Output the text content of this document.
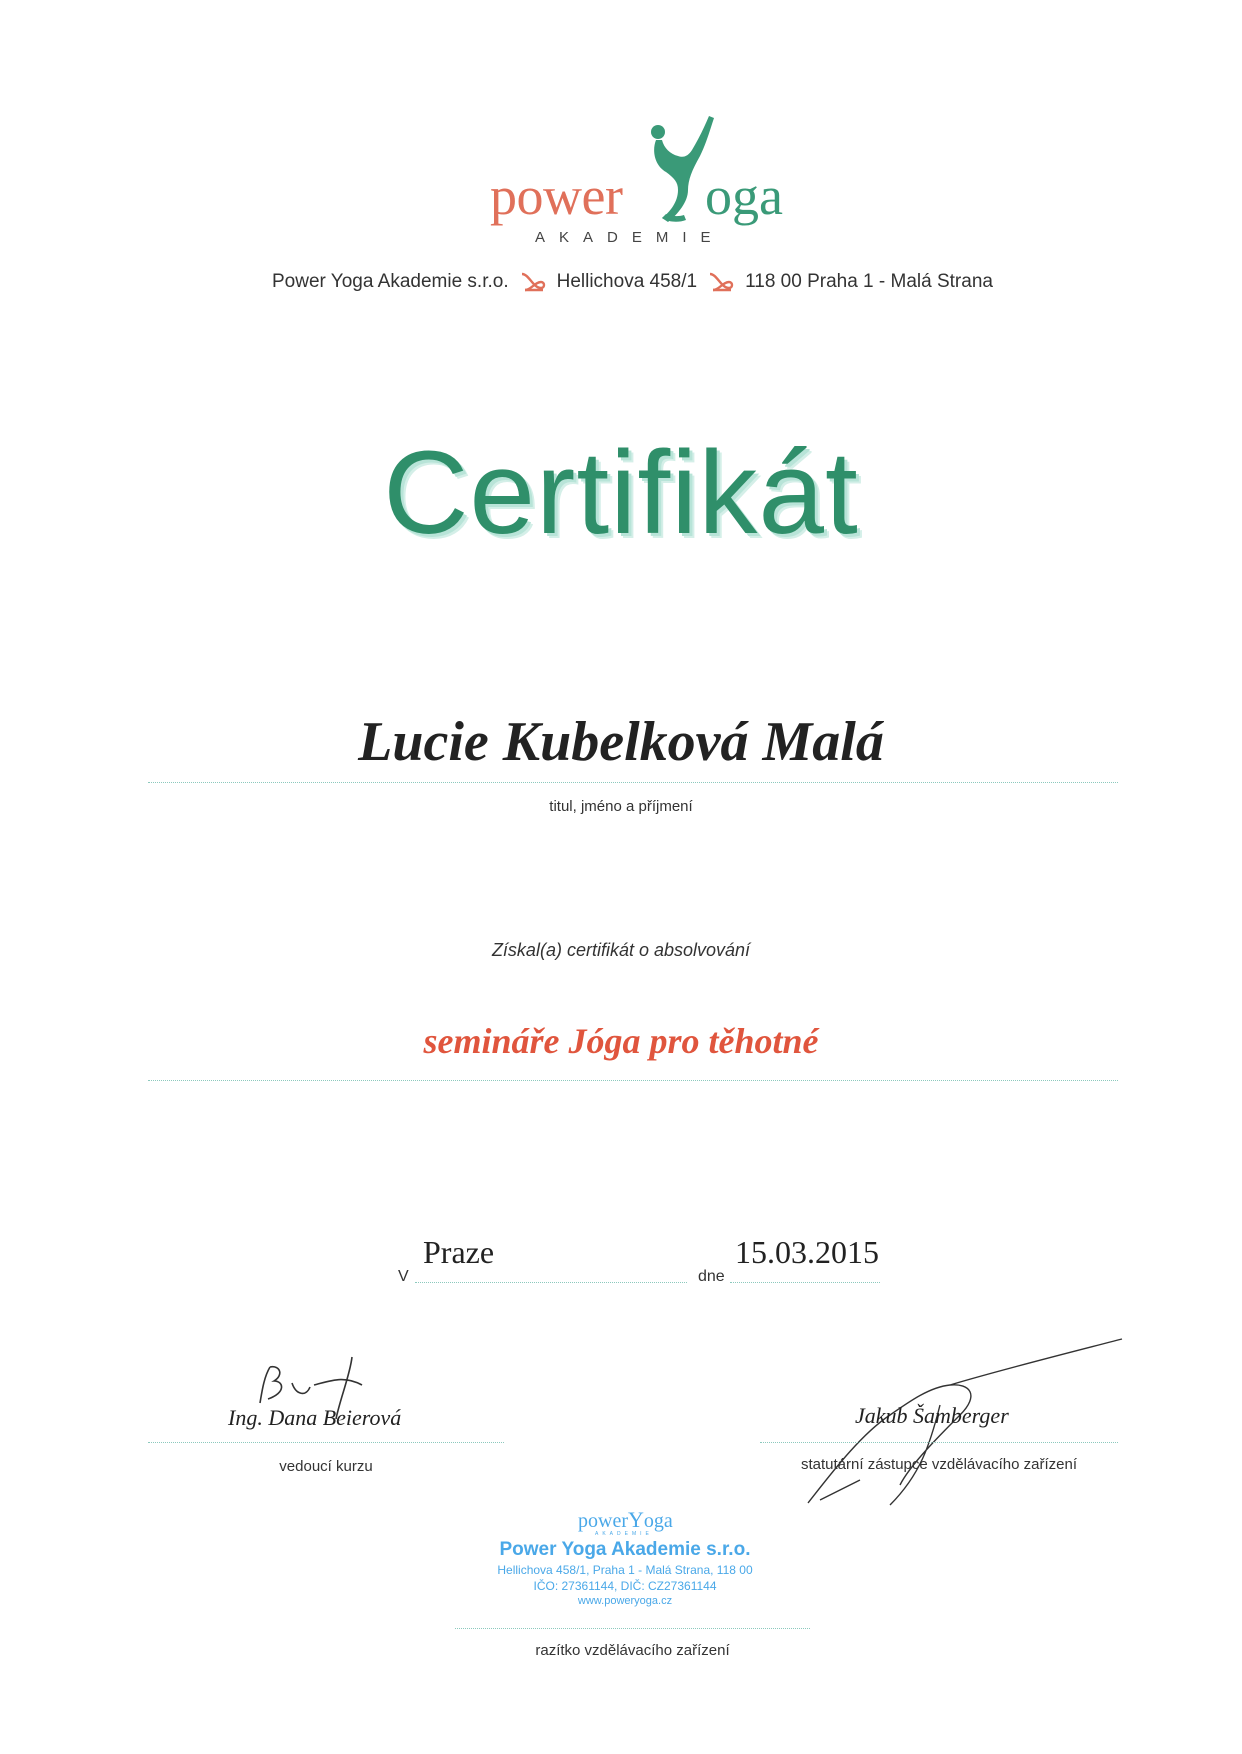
power oga
AKADEMIE
Power Yoga Akademie s.r.o.	Hellichova 458/1	118 00 Praha 1 - Malá Strana
Certifikát
Lucie Kubelková Malá
titul, jméno a příjmení
Získal(a) certifikát o absolvování
semináře Jóga pro těhotné
V
Praze
dne
15.03.2015
Ing. Dana Beierová
vedoucí kurzu
Jakub Šamberger
statutární zástupce vzdělávacího zařízení
powerYoga
AKADEMIE
Power Yoga Akademie s.r.o.
Hellichova 458/1, Praha 1 - Malá Strana, 118 00
IČO: 27361144, DIČ: CZ27361144
www.poweryoga.cz
razítko vzdělávacího zařízení
